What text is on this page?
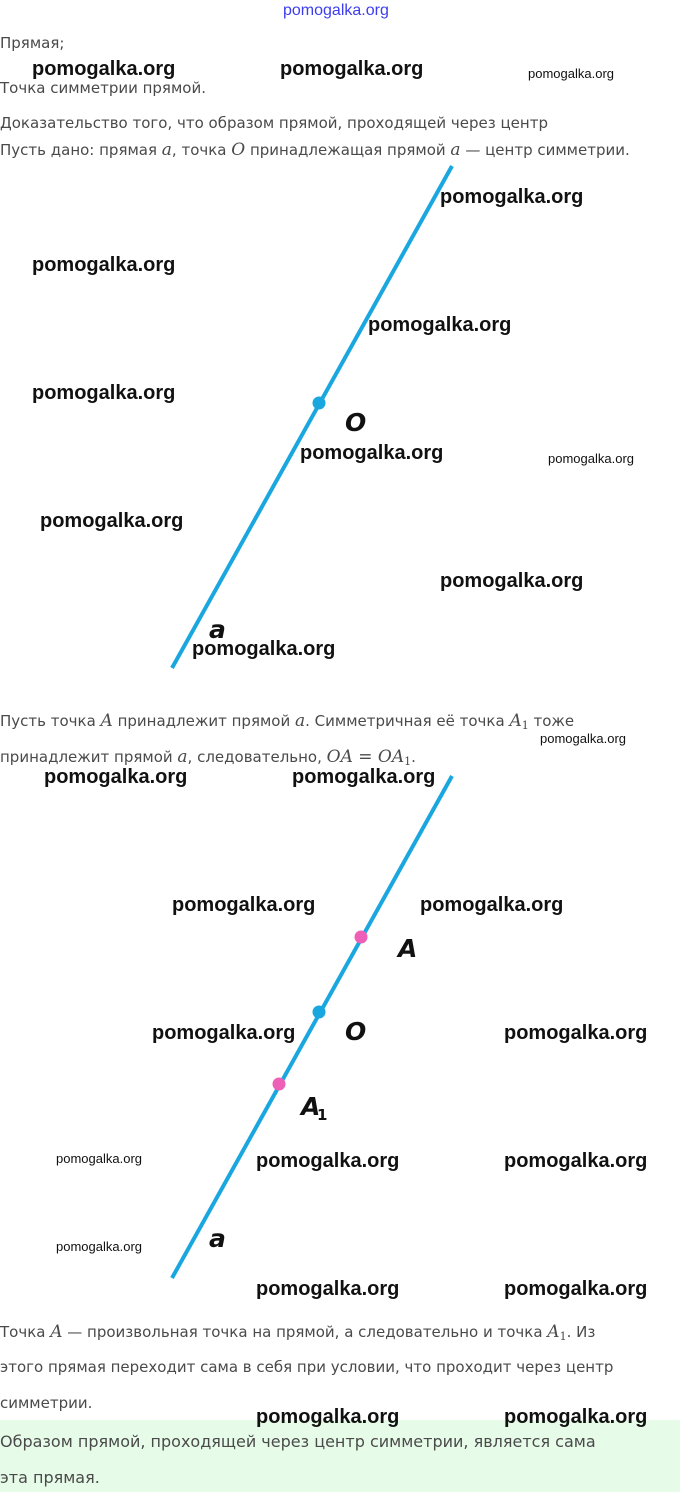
pomogalka.org
Прямая;
Точка симметрии прямой.
Доказательство того, что образом прямой, проходящей через центр
Пусть дано: прямая a, точка O принадлежащая прямой a — центр симметрии.
O
a
Пусть точка A принадлежит прямой a. Симметричная её точка $A_1$ тоже
принадлежит прямой a, следовательно, OA = $OA_1$.
A
O
A
1
a
Точка A — произвольная точка на прямой, а следовательно и точка $A_1$. Из
этого прямая переходит сама в себя при условии, что проходит через центр
симметрии.
Образом прямой, проходящей через центр симметрии, является сама
эта прямая.
pomogalka.org	pomogalka.org	pomogalka.org
pomogalka.org
pomogalka.org
pomogalka.org
pomogalka.org
pomogalka.org	pomogalka.org
pomogalka.org
pomogalka.org
pomogalka.org
pomogalka.org
pomogalka.org	pomogalka.org
pomogalka.org	pomogalka.org
pomogalka.org	pomogalka.org
pomogalka.org	pomogalka.org	pomogalka.org
pomogalka.org
pomogalka.org	pomogalka.org
pomogalka.org	pomogalka.org
